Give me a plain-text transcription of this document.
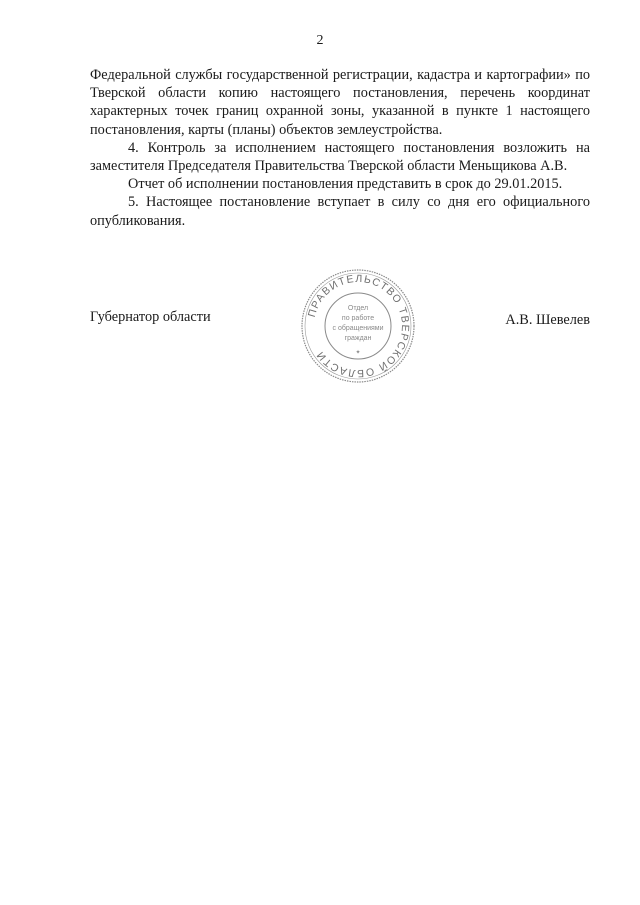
2

Федеральной службы государственной регистрации, кадастра и картографии» по Тверской области копию настоящего постановления, перечень координат характерных точек границ охранной зоны, указанной в пункте 1 настоящего постановления, карты (планы) объектов землеустройства.

4. Контроль за исполнением настоящего постановления возложить на заместителя Председателя Правительства Тверской области Меньщикова А.В.

Отчет об исполнении постановления представить в срок до 29.01.2015.

5. Настоящее постановление вступает в силу со дня его официального опубликования.

Губернатор области	А.В. Шевелев
ПРАВИТЕЛЬСТВО ТВЕРСКОЙ ОБЛАСТИ
Отдел
по работе
с обращениями
граждан
✦
